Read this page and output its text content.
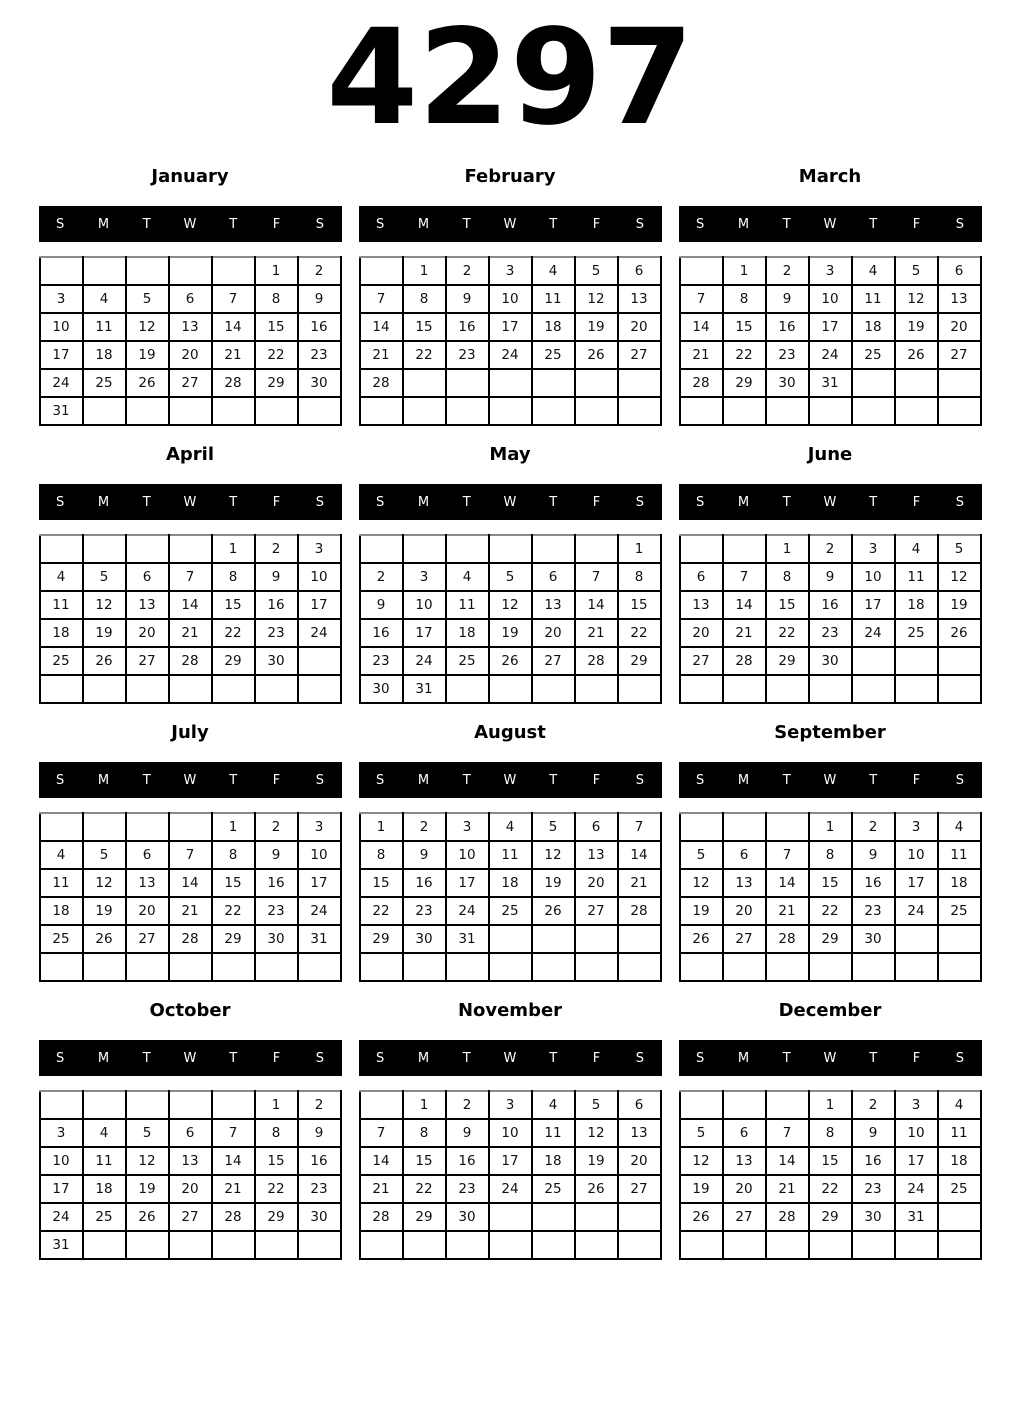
4297
January
S	M	T	W	T	F	S
					1	2
3	4	5	6	7	8	9
10	11	12	13	14	15	16
17	18	19	20	21	22	23
24	25	26	27	28	29	30
31						
February
S	M	T	W	T	F	S
	1	2	3	4	5	6
7	8	9	10	11	12	13
14	15	16	17	18	19	20
21	22	23	24	25	26	27
28						

March
S	M	T	W	T	F	S
	1	2	3	4	5	6
7	8	9	10	11	12	13
14	15	16	17	18	19	20
21	22	23	24	25	26	27
28	29	30	31			

April
S	M	T	W	T	F	S
				1	2	3
4	5	6	7	8	9	10
11	12	13	14	15	16	17
18	19	20	21	22	23	24
25	26	27	28	29	30	

May
S	M	T	W	T	F	S
						1
2	3	4	5	6	7	8
9	10	11	12	13	14	15
16	17	18	19	20	21	22
23	24	25	26	27	28	29
30	31					
June
S	M	T	W	T	F	S
		1	2	3	4	5
6	7	8	9	10	11	12
13	14	15	16	17	18	19
20	21	22	23	24	25	26
27	28	29	30			

July
S	M	T	W	T	F	S
				1	2	3
4	5	6	7	8	9	10
11	12	13	14	15	16	17
18	19	20	21	22	23	24
25	26	27	28	29	30	31

August
S	M	T	W	T	F	S
1	2	3	4	5	6	7
8	9	10	11	12	13	14
15	16	17	18	19	20	21
22	23	24	25	26	27	28
29	30	31				

September
S	M	T	W	T	F	S
			1	2	3	4
5	6	7	8	9	10	11
12	13	14	15	16	17	18
19	20	21	22	23	24	25
26	27	28	29	30		

October
S	M	T	W	T	F	S
					1	2
3	4	5	6	7	8	9
10	11	12	13	14	15	16
17	18	19	20	21	22	23
24	25	26	27	28	29	30
31						
November
S	M	T	W	T	F	S
	1	2	3	4	5	6
7	8	9	10	11	12	13
14	15	16	17	18	19	20
21	22	23	24	25	26	27
28	29	30				

December
S	M	T	W	T	F	S
			1	2	3	4
5	6	7	8	9	10	11
12	13	14	15	16	17	18
19	20	21	22	23	24	25
26	27	28	29	30	31	
